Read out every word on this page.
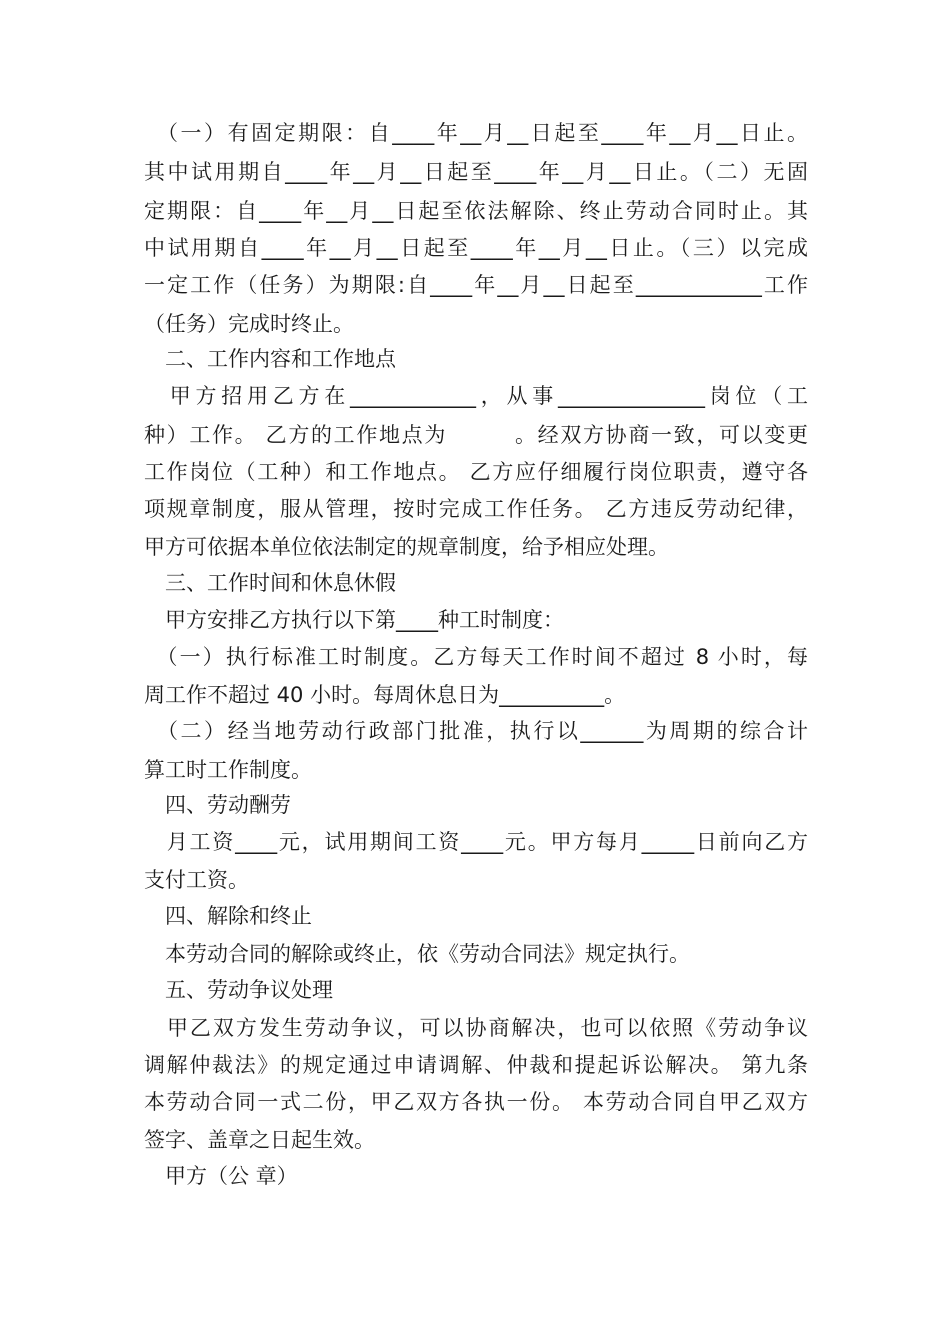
　（一）有固定期限：自____年__月__日起至____年__月__日止。
其中试用期自____年__月__日起至____年__月__日止。（二）无固
定期限：自____年__月__日起至依法解除、终止劳动合同时止。其
中试用期自____年__月__日起至____年__月__日止。（三）以完成
一定工作（任务）为期限:自____年__月__日起至____________工作
（任务）完成时终止。
　二、工作内容和工作地点
　甲方招用乙方在____________，从事______________岗位（工
种）工作。 乙方的工作地点为　　　。经双方协商一致，可以变更
工作岗位（工种）和工作地点。 乙方应仔细履行岗位职责，遵守各
项规章制度，服从管理，按时完成工作任务。 乙方违反劳动纪律，
甲方可依据本单位依法制定的规章制度，给予相应处理。
　三、工作时间和休息休假
　甲方安排乙方执行以下第____种工时制度：
　（一）执行标准工时制度。乙方每天工作时间不超过 8 小时，每
周工作不超过 40 小时。每周休息日为__________。
　（二）经当地劳动行政部门批准，执行以______为周期的综合计
算工时工作制度。
　四、劳动酬劳
　月工资____元，试用期间工资____元。甲方每月_____日前向乙方
支付工资。
　四、解除和终止
　本劳动合同的解除或终止，依《劳动合同法》规定执行。
　五、劳动争议处理
　甲乙双方发生劳动争议，可以协商解决，也可以依照《劳动争议
调解仲裁法》的规定通过申请调解、仲裁和提起诉讼解决。 第九条
本劳动合同一式二份，甲乙双方各执一份。 本劳动合同自甲乙双方
签字、盖章之日起生效。
　甲方（公 章）
